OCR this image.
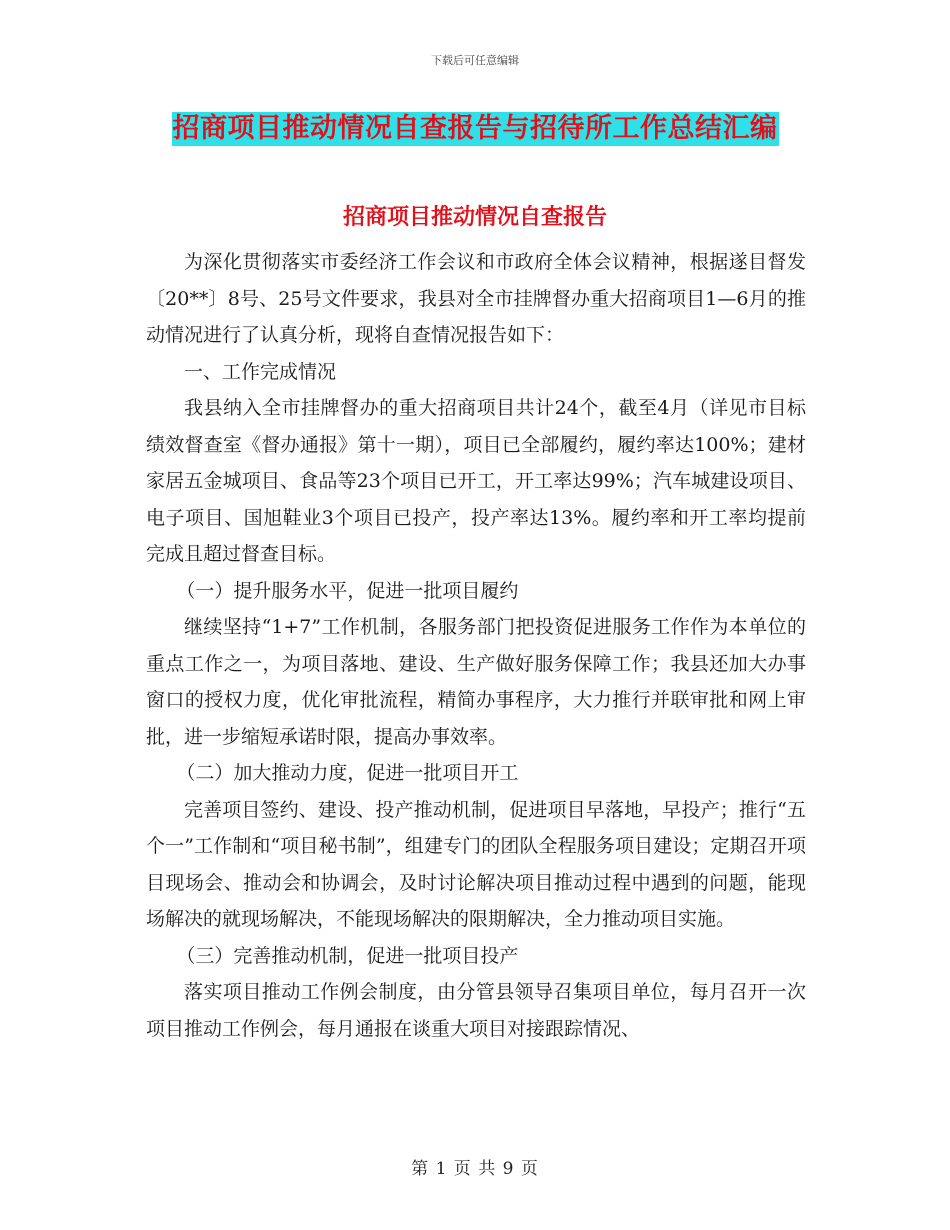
下载后可任意编辑
招商项目推动情况自查报告与招待所工作总结汇编
招商项目推动情况自查报告

为深化贯彻落实市委经济工作会议和市政府全体会议精神，根据遂目督发〔20**〕8号、25号文件要求，我县对全市挂牌督办重大招商项目1—6月的推动情况进行了认真分析，现将自查情况报告如下：

一、工作完成情况

我县纳入全市挂牌督办的重大招商项目共计24个，截至4月（详见市目标绩效督查室《督办通报》第十一期），项目已全部履约，履约率达100%；建材家居五金城项目、食品等23个项目已开工，开工率达99%；汽车城建设项目、电子项目、国旭鞋业3个项目已投产，投产率达13%。履约率和开工率均提前完成且超过督查目标。

（一）提升服务水平，促进一批项目履约

继续坚持“1+7”工作机制，各服务部门把投资促进服务工作作为本单位的重点工作之一，为项目落地、建设、生产做好服务保障工作；我县还加大办事窗口的授权力度，优化审批流程，精简办事程序，大力推行并联审批和网上审批，进一步缩短承诺时限，提高办事效率。

（二）加大推动力度，促进一批项目开工

完善项目签约、建设、投产推动机制，促进项目早落地，早投产；推行“五个一”工作制和“项目秘书制”，组建专门的团队全程服务项目建设；定期召开项目现场会、推动会和协调会，及时讨论解决项目推动过程中遇到的问题，能现场解决的就现场解决，不能现场解决的限期解决，全力推动项目实施。

（三）完善推动机制，促进一批项目投产

落实项目推动工作例会制度，由分管县领导召集项目单位，每月召开一次项目推动工作例会，每月通报在谈重大项目对接跟踪情况、

第 1 页 共 9 页
